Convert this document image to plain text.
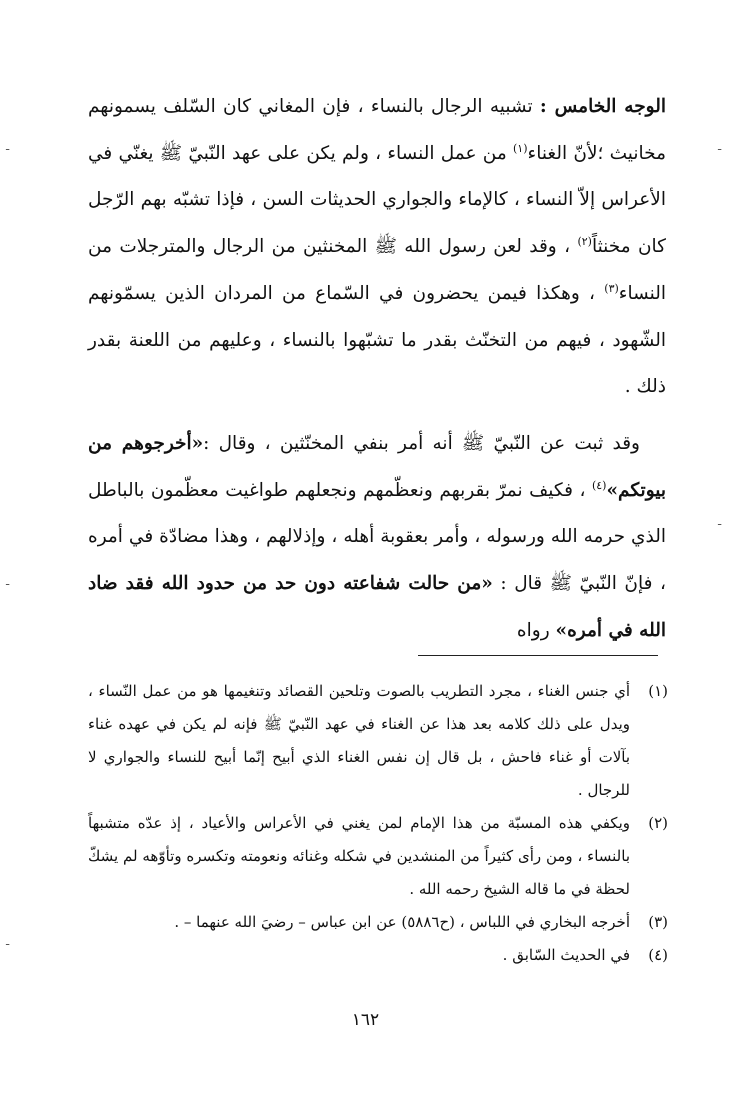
الوجه الخامس : تشبيه الرجال بالنساء ، فإن المغاني كان السّلف يسمونهم مخانيث ؛لأنّ الغناء$^{(١)}$ من عمل النساء ، ولم يكن على عهد النّبيّ ﷺ يغنّي في الأعراس إلاّ النساء ، كالإماء والجواري الحديثات السن ، فإذا تشبّه بهم الرّجل كان مخنثاً$^{(٢)}$ ، وقد لعن رسول الله ﷺ المخنثين من الرجال والمترجلات من النساء$^{(٣)}$ ، وهكذا فيمن يحضرون في السّماع من المردان الذين يسمّونهم الشّهود ، فيهم من التخنّث بقدر ما تشبّهوا بالنساء ، وعليهم من اللعنة بقدر ذلك .

وقد ثبت عن النّبيّ ﷺ أنه أمر بنفي المخنّثين ، وقال :«أخرجوهم من بيوتكم»$^{(٤)}$ ، فكيف نمرّ بقربهم ونعظّمهم ونجعلهم طواغيت معظّمون بالباطل الذي حرمه الله ورسوله ، وأمر بعقوبة أهله ، وإذلالهم ، وهذا مضادّة في أمره ، فإنّ النّبيّ ﷺ قال : «من حالت شفاعته دون حد من حدود الله فقد ضاد الله في أمره» رواه

(١)
أي جنس الغناء ، مجرد التطريب بالصوت وتلحين القصائد وتنغيمها هو من عمل النّساء ، ويدل على ذلك كلامه بعد هذا عن الغناء في عهد النّبيّ ﷺ فإنه لم يكن في عهده غناء بآلات أو غناء فاحش ، بل قال إن نفس الغناء الذي أبيح إنّما أبيح للنساء والجواري لا للرجال .
(٢)
ويكفي هذه المسبّة من هذا الإمام لمن يغني في الأعراس والأعياد ، إذ عدّه متشبهاً بالنساء ، ومن رأى كثيراً من المنشدين في شكله وغنائه ونعومته وتكسره وتأوّهه لم يشكّ لحظة في ما قاله الشيخ رحمه الله .
(٣)
أخرجه البخاري في اللباس ، (ح٥٨٨٦) عن ابن عباس – رضيَ الله عنهما – .
(٤)
في الحديث السّابق .
١٦٢
ـ
ـ
ـ
ـ
ـ
